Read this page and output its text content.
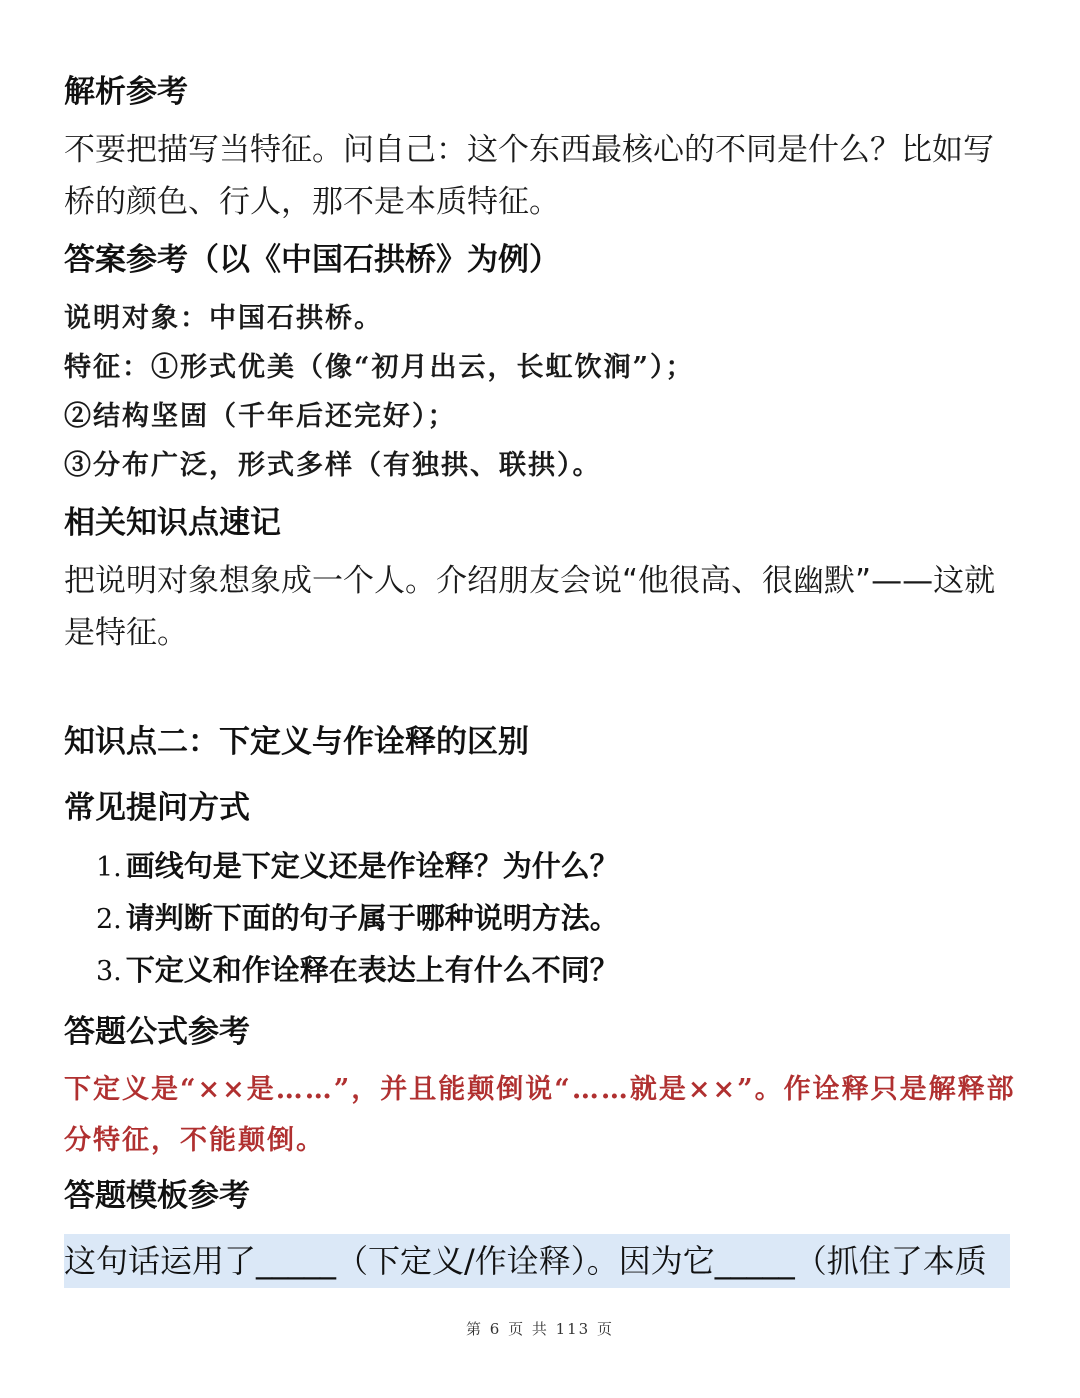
解析参考
不要把描写当特征。问自己：这个东西最核心的不同是什么？比如写桥的颜色、行人，那不是本质特征。
答案参考（以《中国石拱桥》为例）
说明对象：中国石拱桥。
特征：①形式优美（像“初月出云，长虹饮涧”）；
②结构坚固（千年后还完好）；
③分布广泛，形式多样（有独拱、联拱）。
相关知识点速记
把说明对象想象成一个人。介绍朋友会说“他很高、很幽默”——这就是特征。
知识点二：下定义与作诠释的区别
常见提问方式
1. 画线句是下定义还是作诠释？为什么？
2. 请判断下面的句子属于哪种说明方法。
3. 下定义和作诠释在表达上有什么不同？
答题公式参考
下定义是“××是……”，并且能颠倒说“……就是××”。作诠释只是解释部分特征，不能颠倒。
答题模板参考
这句话运用了_____（下定义/作诠释）。因为它_____（抓住了本质
第 6 页 共 113 页
